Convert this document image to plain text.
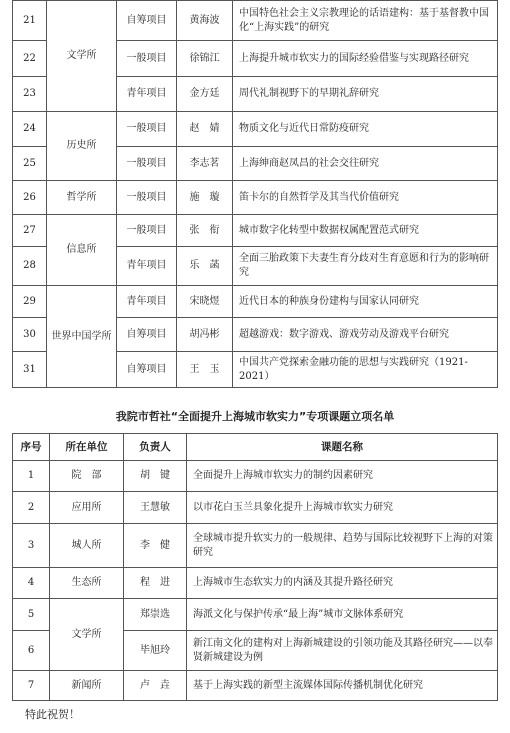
21	文学所	自筹项目	黄海波	中国特色社会主义宗教理论的话语建构：基于基督教中国化“上海实践”的研究
22		一般项目	徐锦江	上海提升城市软实力的国际经验借鉴与实现路径研究
23		青年项目	金方廷	周代礼制视野下的早期礼辞研究
24	历史所	一般项目	赵　婧	物质文化与近代日常防疫研究
25		一般项目	李志茗	上海绅商赵凤昌的社会交往研究
26	哲学所	一般项目	施　璇	笛卡尔的自然哲学及其当代价值研究
27	信息所	一般项目	张　衔	城市数字化转型中数据权属配置范式研究
28		青年项目	乐　菡	全面三胎政策下夫妻生育分歧对生育意愿和行为的影响研究
29	世界中国学所	青年项目	宋晓煜	近代日本的种族身份建构与国家认同研究
30		自筹项目	胡冯彬	超越游戏：数字游戏、游戏劳动及游戏平台研究
31		自筹项目	王　玉	中国共产党探索金融功能的思想与实践研究（1921-2021）
我院市哲社“全面提升上海城市软实力”专项课题立项名单
序号	所在单位	负责人	课题名称
1	院　部	胡　键	全面提升上海城市软实力的制约因素研究
2	应用所	王慧敏	以市花白玉兰具象化提升上海城市软实力研究
3	城人所	李　健	全球城市提升软实力的一般规律、趋势与国际比较视野下上海的对策研究
4	生态所	程　进	上海城市生态软实力的内涵及其提升路径研究
5	文学所	郑崇选	海派文化与保护传承“最上海”城市文脉体系研究
6		毕旭玲	新江南文化的建构对上海新城建设的引领功能及其路径研究——以奉贤新城建设为例
7	新闻所	卢　垚	基于上海实践的新型主流媒体国际传播机制优化研究
特此祝贺！
